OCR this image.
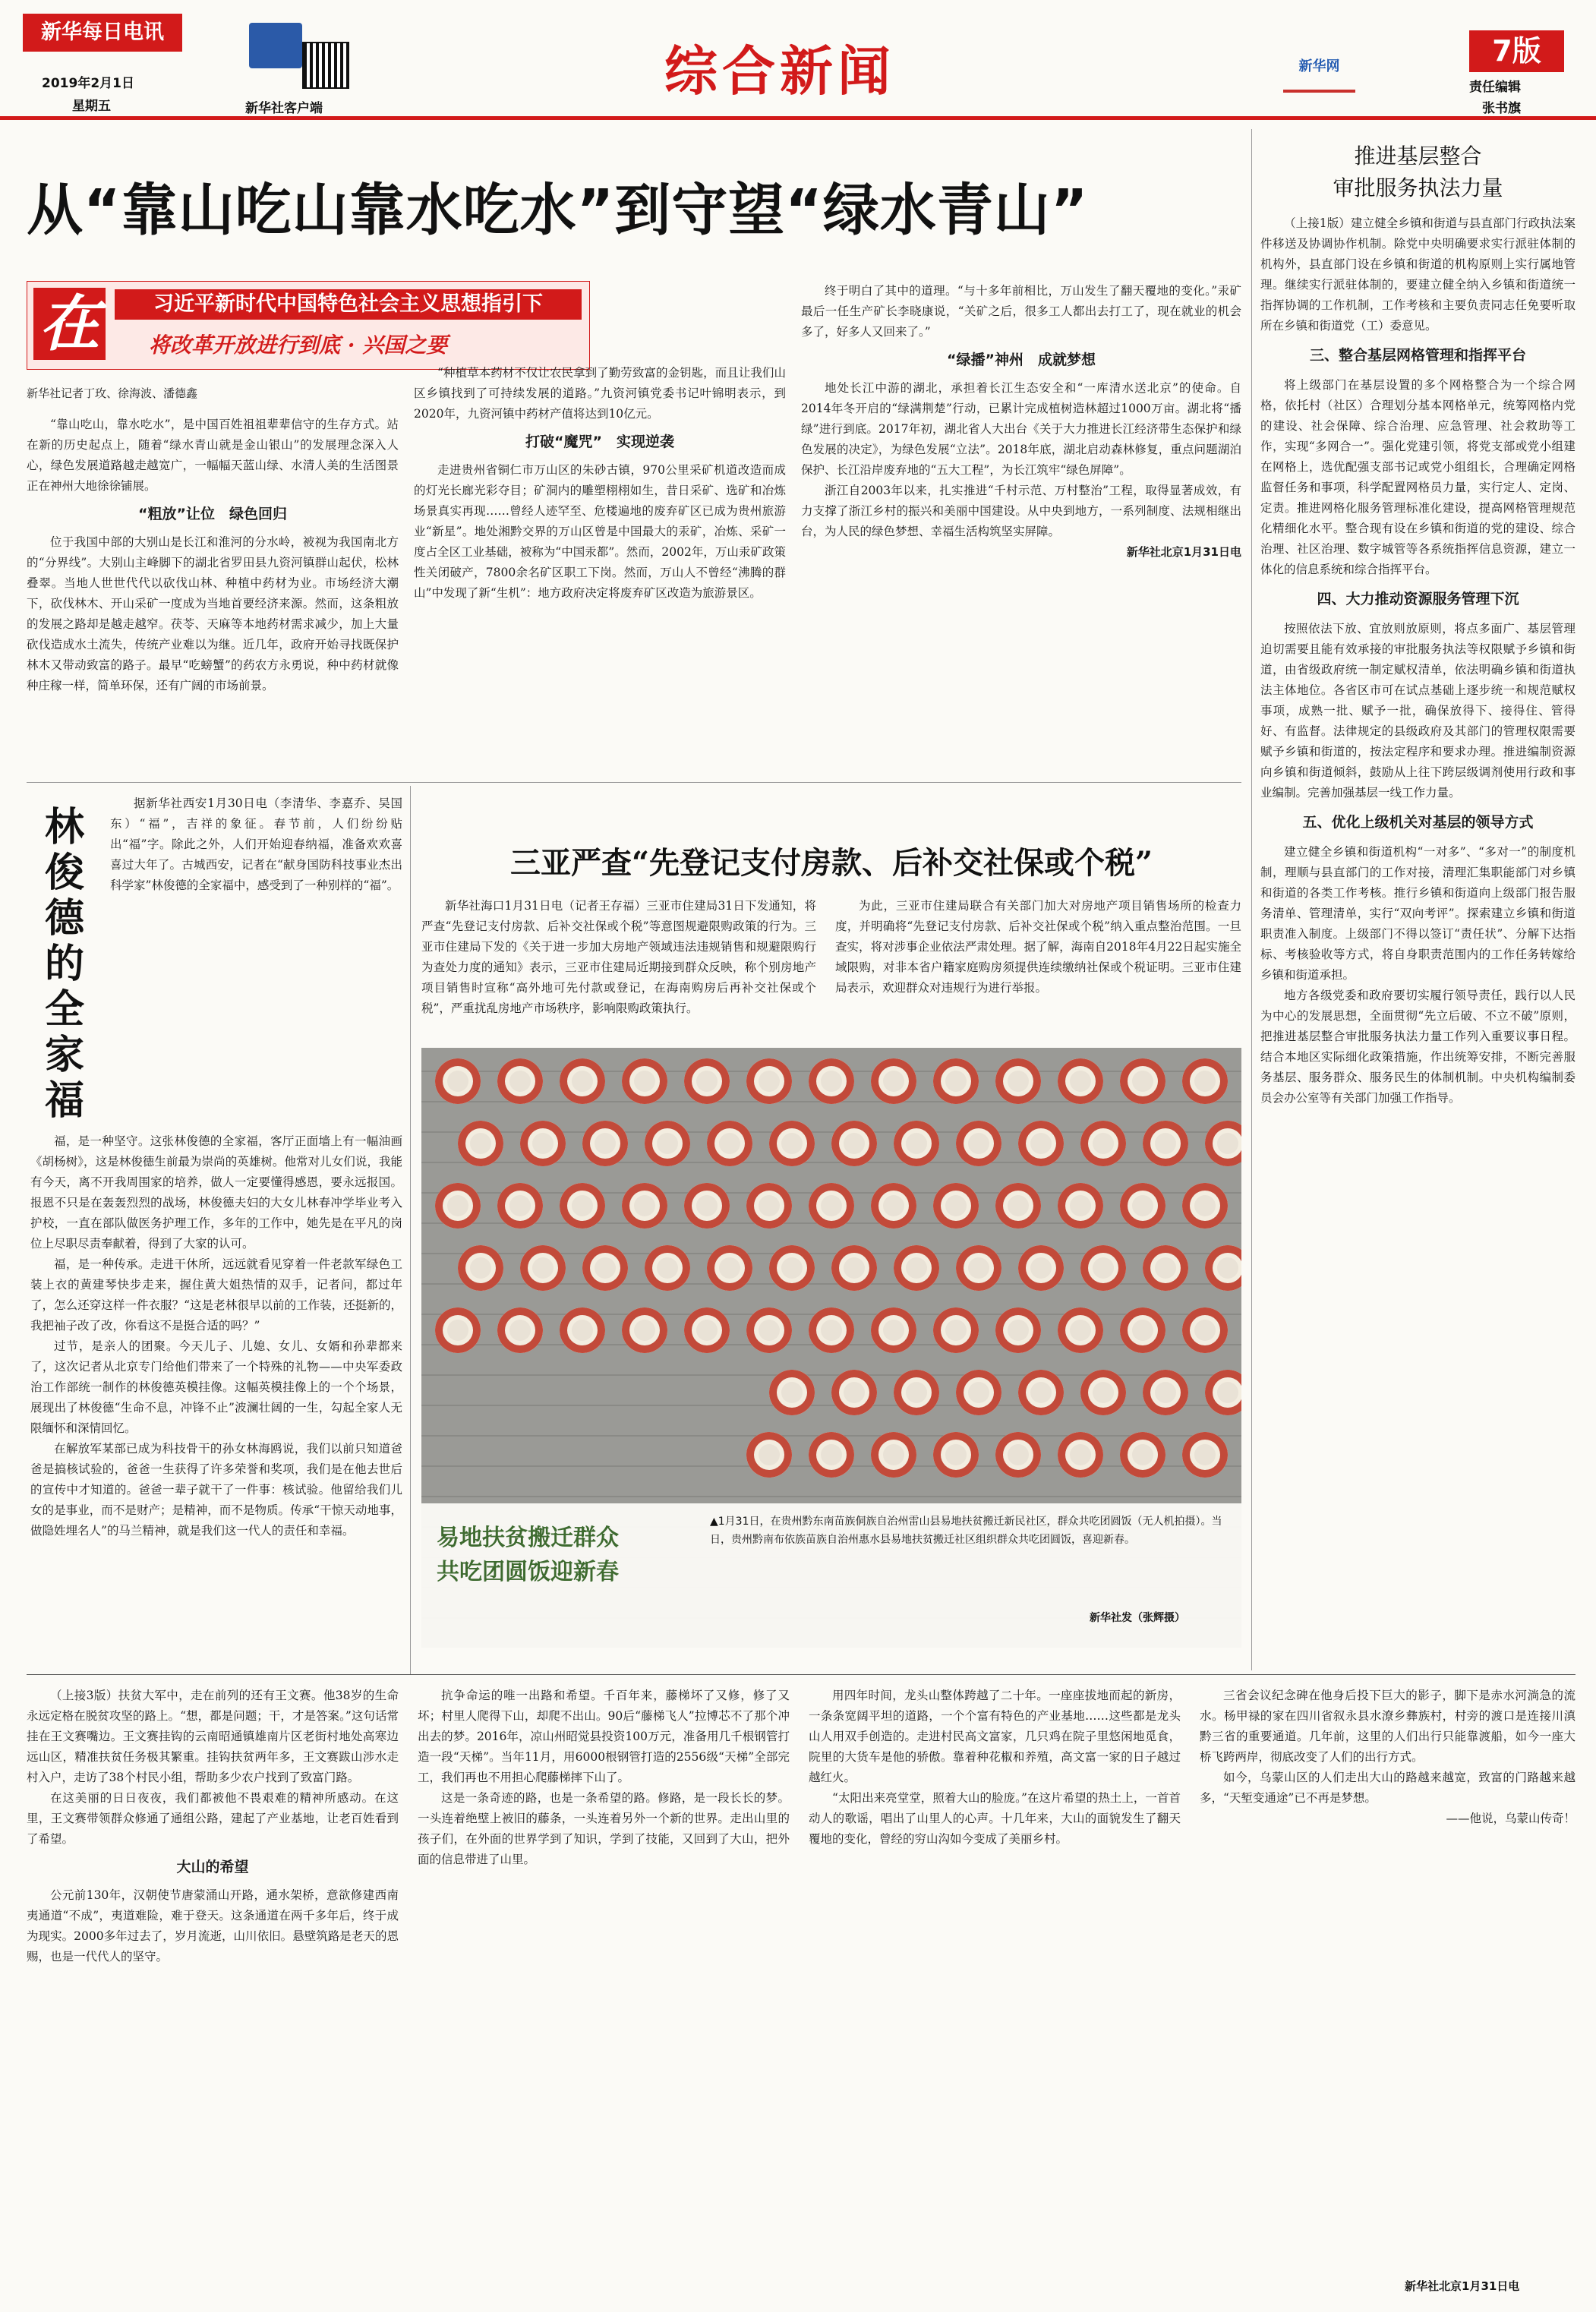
新华每日电讯
2019年2月1日
星期五	新华社客户端
综合新闻	新华网	7版
责任编辑
张书旗
从“靠山吃山靠水吃水”到守望“绿水青山”
在	习近平新时代中国特色社会主义思想指引下
将改革开放进行到底 · 兴国之要
新华社记者丁玫、徐海波、潘德鑫

“靠山吃山，靠水吃水”，是中国百姓祖祖辈辈信守的生存方式。站在新的历史起点上，随着“绿水青山就是金山银山”的发展理念深入人心，绿色发展道路越走越宽广，一幅幅天蓝山绿、水清人美的生活图景正在神州大地徐徐铺展。

“粗放”让位　绿色回归

位于我国中部的大别山是长江和淮河的分水岭，被视为我国南北方的“分界线”。大别山主峰脚下的湖北省罗田县九资河镇群山起伏，松林叠翠。当地人世世代代以砍伐山林、种植中药材为业。市场经济大潮下，砍伐林木、开山采矿一度成为当地首要经济来源。然而，这条粗放的发展之路却是越走越窄。茯苓、天麻等本地药材需求减少，加上大量砍伐造成水土流失，传统产业难以为继。近几年，政府开始寻找既保护林木又带动致富的路子。最早“吃螃蟹”的药农方永勇说，种中药材就像种庄稼一样，简单环保，还有广阔的市场前景。

“种植草本药材不仅让农民拿到了勤劳致富的金钥匙，而且让我们山区乡镇找到了可持续发展的道路。”九资河镇党委书记叶锦明表示，到2020年，九资河镇中药材产值将达到10亿元。

打破“魔咒”　实现逆袭

走进贵州省铜仁市万山区的朱砂古镇，970公里采矿机道改造而成的灯光长廊光彩夺目；矿洞内的雕塑栩栩如生，昔日采矿、选矿和冶炼场景真实再现……曾经人迹罕至、危楼遍地的废弃矿区已成为贵州旅游业“新星”。地处湘黔交界的万山区曾是中国最大的汞矿，冶炼、采矿一度占全区工业基础，被称为“中国汞都”。然而，2002年，万山汞矿政策性关闭破产，7800余名矿区职工下岗。然而，万山人不曾经“沸腾的群山”中发现了新“生机”：地方政府决定将废弃矿区改造为旅游景区。

终于明白了其中的道理。“与十多年前相比，万山发生了翻天覆地的变化。”汞矿最后一任生产矿长李晓康说，“关矿之后，很多工人都出去打工了，现在就业的机会多了，好多人又回来了。”

“绿播”神州　成就梦想

地处长江中游的湖北，承担着长江生态安全和“一库清水送北京”的使命。自2014年冬开启的“绿满荆楚”行动，已累计完成植树造林超过1000万亩。湖北将“播绿”进行到底。2017年初，湖北省人大出台《关于大力推进长江经济带生态保护和绿色发展的决定》，为绿色发展“立法”。2018年底，湖北启动森林修复，重点问题湖泊保护、长江沿岸废弃地的“五大工程”，为长江筑牢“绿色屏障”。

浙江自2003年以来，扎实推进“千村示范、万村整治”工程，取得显著成效，有力支撑了浙江乡村的振兴和美丽中国建设。从中央到地方，一系列制度、法规相继出台，为人民的绿色梦想、幸福生活构筑坚实屏障。

新华社北京1月31日电
林俊德的全家福

据新华社西安1月30日电（李清华、李嘉乔、吴国东）“福”，吉祥的象征。春节前，人们纷纷贴出“福”字。除此之外，人们开始迎春纳福，准备欢欢喜喜过大年了。古城西安，记者在“献身国防科技事业杰出科学家”林俊德的全家福中，感受到了一种别样的“福”。

福，是一种坚守。这张林俊德的全家福，客厅正面墙上有一幅油画《胡杨树》，这是林俊德生前最为崇尚的英雄树。他常对儿女们说，我能有今天，离不开我周围家的培养，做人一定要懂得感恩，要永远报国。报恩不只是在轰轰烈烈的战场，林俊德夫妇的大女儿林春冲学毕业考入护校，一直在部队做医务护理工作，多年的工作中，她先是在平凡的岗位上尽职尽责奉献着，得到了大家的认可。

福，是一种传承。走进干休所，远远就看见穿着一件老款军绿色工装上衣的黄建琴快步走来，握住黄大姐热情的双手，记者问，都过年了，怎么还穿这样一件衣服？“这是老林很早以前的工作装，还挺新的，我把袖子改了改，你看这不是挺合适的吗？”

过节，是亲人的团聚。今天儿子、儿媳、女儿、女婿和孙辈都来了，这次记者从北京专门给他们带来了一个特殊的礼物——中央军委政治工作部统一制作的林俊德英模挂像。这幅英模挂像上的一个个场景，展现出了林俊德“生命不息，冲锋不止”波澜壮阔的一生，勾起全家人无限缅怀和深情回忆。

在解放军某部已成为科技骨干的孙女林海鸥说，我们以前只知道爸爸是搞核试验的，爸爸一生获得了许多荣誉和奖项，我们是在他去世后的宣传中才知道的。爸爸一辈子就干了一件事：核试验。他留给我们儿女的是事业，而不是财产；是精神，而不是物质。传承“干惊天动地事，做隐姓埋名人”的马兰精神，就是我们这一代人的责任和幸福。

三亚严查“先登记支付房款、后补交社保或个税”

新华社海口1月31日电（记者王存福）三亚市住建局31日下发通知，将严查“先登记支付房款、后补交社保或个税”等意图规避限购政策的行为。三亚市住建局下发的《关于进一步加大房地产领域违法违规销售和规避限购行为查处力度的通知》表示，三亚市住建局近期接到群众反映，称个别房地产项目销售时宣称“高外地可先付款或登记，在海南购房后再补交社保或个税”，严重扰乱房地产市场秩序，影响限购政策执行。

为此，三亚市住建局联合有关部门加大对房地产项目销售场所的检查力度，并明确将“先登记支付房款、后补交社保或个税”纳入重点整治范围。一旦查实，将对涉事企业依法严肃处理。据了解，海南自2018年4月22日起实施全域限购，对非本省户籍家庭购房须提供连续缴纳社保或个税证明。三亚市住建局表示，欢迎群众对违规行为进行举报。

易地扶贫搬迁群众
共吃团圆饭迎新春
▲1月31日，在贵州黔东南苗族侗族自治州雷山县易地扶贫搬迁新民社区，群众共吃团圆饭（无人机拍摄）。当日，贵州黔南布依族苗族自治州惠水县易地扶贫搬迁社区组织群众共吃团圆饭，喜迎新春。
新华社发（张辉摄）
推进基层整合
审批服务执法力量

（上接1版）建立健全乡镇和街道与县直部门行政执法案件移送及协调协作机制。除党中央明确要求实行派驻体制的机构外，县直部门设在乡镇和街道的机构原则上实行属地管理。继续实行派驻体制的，要建立健全纳入乡镇和街道统一指挥协调的工作机制，工作考核和主要负责同志任免要听取所在乡镇和街道党（工）委意见。

三、整合基层网格管理和指挥平台

将上级部门在基层设置的多个网格整合为一个综合网格，依托村（社区）合理划分基本网格单元，统筹网格内党的建设、社会保障、综合治理、应急管理、社会救助等工作，实现“多网合一”。强化党建引领，将党支部或党小组建在网格上，选优配强支部书记或党小组组长，合理确定网格监督任务和事项，科学配置网格员力量，实行定人、定岗、定责。推进网格化服务管理标准化建设，提高网格管理规范化精细化水平。整合现有设在乡镇和街道的党的建设、综合治理、社区治理、数字城管等各系统指挥信息资源，建立一体化的信息系统和综合指挥平台。

四、大力推动资源服务管理下沉

按照依法下放、宜放则放原则，将点多面广、基层管理迫切需要且能有效承接的审批服务执法等权限赋予乡镇和街道，由省级政府统一制定赋权清单，依法明确乡镇和街道执法主体地位。各省区市可在试点基础上逐步统一和规范赋权事项，成熟一批、赋予一批，确保放得下、接得住、管得好、有监督。法律规定的县级政府及其部门的管理权限需要赋予乡镇和街道的，按法定程序和要求办理。推进编制资源向乡镇和街道倾斜，鼓励从上往下跨层级调剂使用行政和事业编制。完善加强基层一线工作力量。

五、优化上级机关对基层的领导方式

建立健全乡镇和街道机构“一对多”、“多对一”的制度机制，理顺与县直部门的工作对接，清理汇集职能部门对乡镇和街道的各类工作考核。推行乡镇和街道向上级部门报告服务清单、管理清单，实行“双向考评”。探索建立乡镇和街道职责准入制度。上级部门不得以签订“责任状”、分解下达指标、考核验收等方式，将自身职责范围内的工作任务转嫁给乡镇和街道承担。

地方各级党委和政府要切实履行领导责任，践行以人民为中心的发展思想，全面贯彻“先立后破、不立不破”原则，把推进基层整合审批服务执法力量工作列入重要议事日程。结合本地区实际细化政策措施，作出统筹安排，不断完善服务基层、服务群众、服务民生的体制机制。中央机构编制委员会办公室等有关部门加强工作指导。

（上接3版）扶贫大军中，走在前列的还有王文赛。他38岁的生命永远定格在脱贫攻坚的路上。“想，都是问题；干，才是答案。”这句话常挂在王文赛嘴边。王文赛挂钩的云南昭通镇雄南片区老街村地处高寒边远山区，精准扶贫任务极其繁重。挂钩扶贫两年多，王文赛跋山涉水走村入户，走访了38个村民小组，帮助多少农户找到了致富门路。

在这美丽的日日夜夜，我们都被他不畏艰难的精神所感动。在这里，王文赛带领群众修通了通组公路，建起了产业基地，让老百姓看到了希望。

大山的希望

公元前130年，汉朝使节唐蒙涌山开路，通水架桥，意欲修建西南夷通道“不成”，夷道难险，难于登天。这条通道在两千多年后，终于成为现实。2000多年过去了，岁月流逝，山川依旧。悬壁筑路是老天的恩赐，也是一代代人的坚守。

抗争命运的唯一出路和希望。千百年来，藤梯坏了又修，修了又坏；村里人爬得下山，却爬不出山。90后“藤梯飞人”拉博芯不了那个冲出去的梦。2016年，凉山州昭觉县投资100万元，准备用几千根钢管打造一段“天梯”。当年11月，用6000根钢管打造的2556级“天梯”全部完工，我们再也不用担心爬藤梯摔下山了。

这是一条奇迹的路，也是一条希望的路。修路，是一段长长的梦。一头连着绝壁上被旧的藤条，一头连着另外一个新的世界。走出山里的孩子们，在外面的世界学到了知识，学到了技能，又回到了大山，把外面的信息带进了山里。

用四年时间，龙头山整体跨越了二十年。一座座拔地而起的新房，一条条宽阔平坦的道路，一个个富有特色的产业基地……这些都是龙头山人用双手创造的。走进村民高文富家，几只鸡在院子里悠闲地觅食，院里的大货车是他的骄傲。靠着种花椒和养殖，高文富一家的日子越过越红火。

“太阳出来亮堂堂，照着大山的脸庞。”在这片希望的热土上，一首首动人的歌谣，唱出了山里人的心声。十几年来，大山的面貌发生了翻天覆地的变化，曾经的穷山沟如今变成了美丽乡村。

三省会议纪念碑在他身后投下巨大的影子，脚下是赤水河淌急的流水。杨甲禄的家在四川省叙永县水潦乡彝族村，村旁的渡口是连接川滇黔三省的重要通道。几年前，这里的人们出行只能靠渡船，如今一座大桥飞跨两岸，彻底改变了人们的出行方式。

如今，乌蒙山区的人们走出大山的路越来越宽，致富的门路越来越多，“天堑变通途”已不再是梦想。

——他说，乌蒙山传奇！

新华社北京1月31日电
